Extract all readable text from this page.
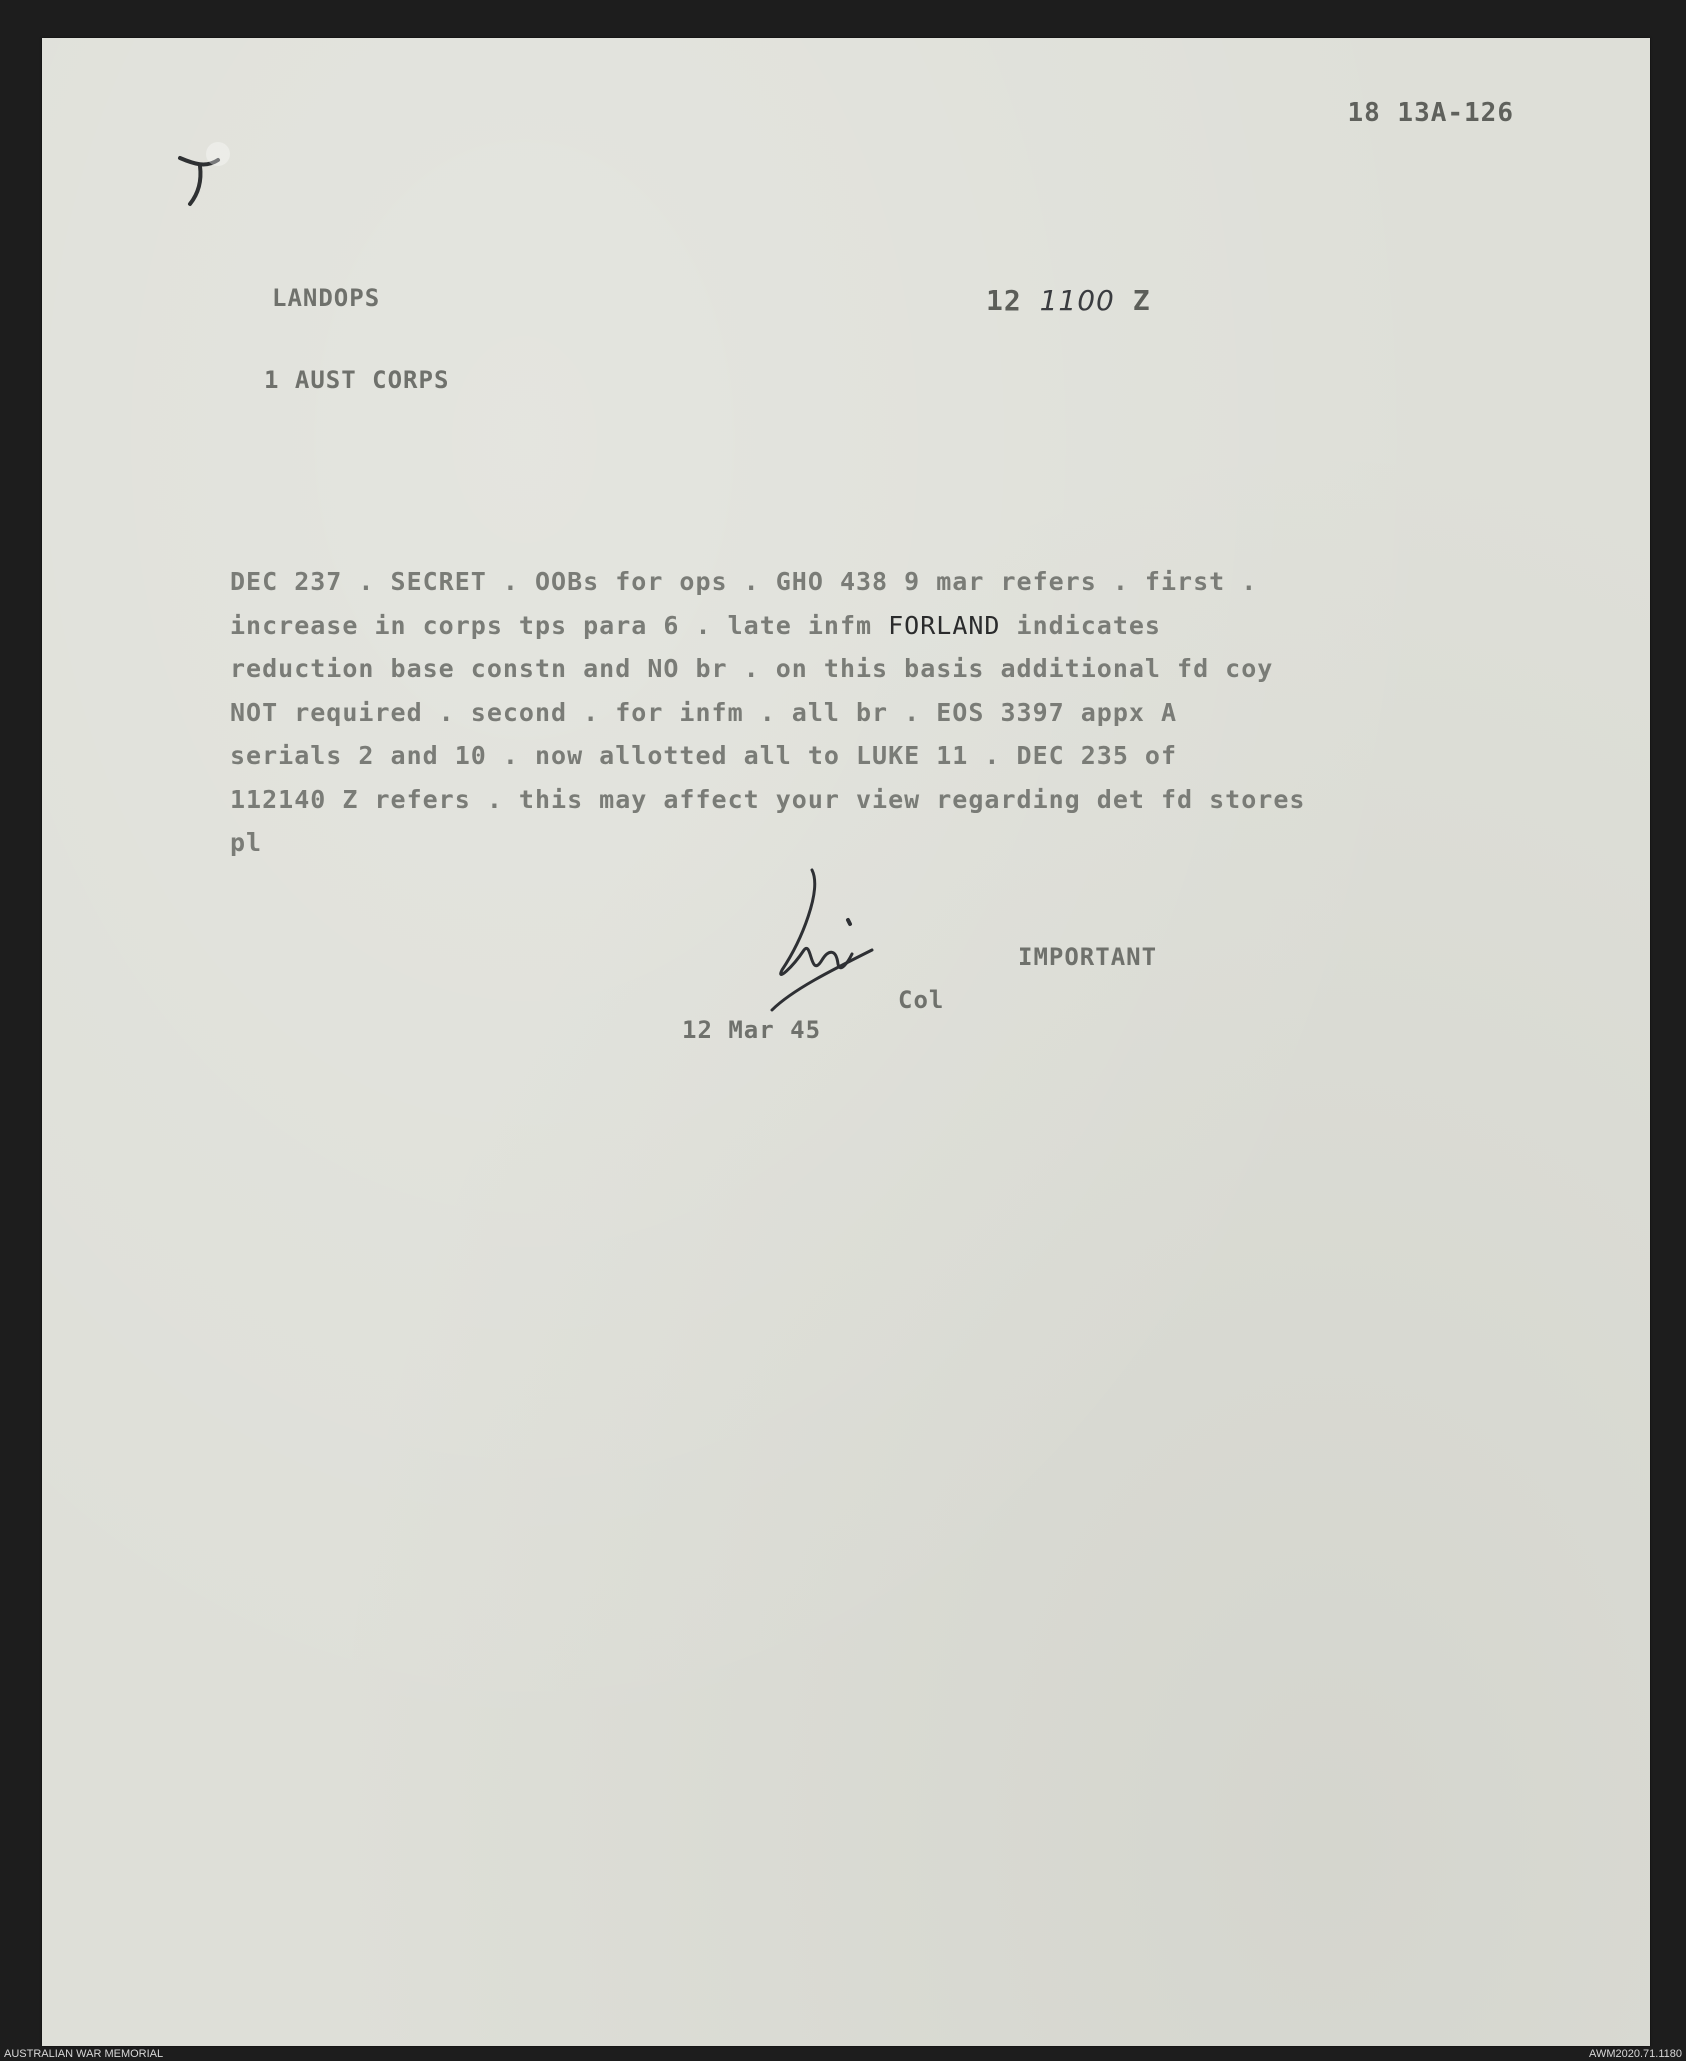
18 13A-126
LANDOPS	12 1100 Z
1 AUST CORPS
DEC 237 . SECRET . OOBs for ops . GHO 438 9 mar refers . first .
increase in corps tps para 6 . late infm FORLAND indicates
reduction base constn and NO br . on this basis additional fd coy
NOT required . second . for infm . all br . EOS 3397 appx A
serials 2 and 10 . now allotted all to LUKE 11 . DEC 235 of
112140 Z refers . this may affect your view regarding det fd stores
pl
IMPORTANT
Col
12 Mar 45
AUSTRALIAN WAR MEMORIAL	AWM2020.71.1180
